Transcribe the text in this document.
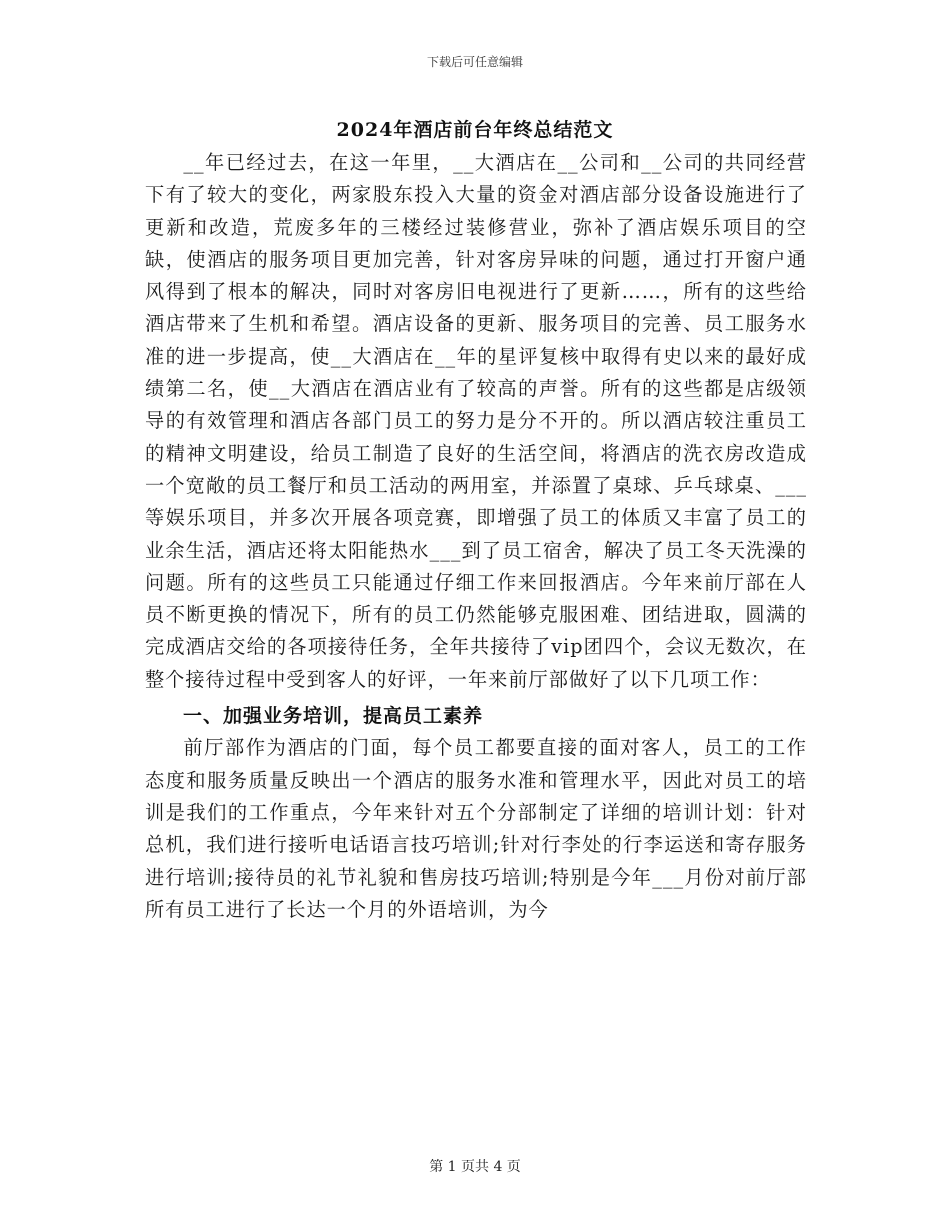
下载后可任意编辑
2024年酒店前台年终总结范文

__年已经过去，在这一年里，__大酒店在__公司和__公司的共同经营下有了较大的变化，两家股东投入大量的资金对酒店部分设备设施进行了更新和改造，荒废多年的三楼经过装修营业，弥补了酒店娱乐项目的空缺，使酒店的服务项目更加完善，针对客房异味的问题，通过打开窗户通风得到了根本的解决，同时对客房旧电视进行了更新……，所有的这些给酒店带来了生机和希望。酒店设备的更新、服务项目的完善、员工服务水准的进一步提高，使__大酒店在__年的星评复核中取得有史以来的最好成绩第二名，使__大酒店在酒店业有了较高的声誉。所有的这些都是店级领导的有效管理和酒店各部门员工的努力是分不开的。所以酒店较注重员工的精神文明建设，给员工制造了良好的生活空间，将酒店的洗衣房改造成一个宽敞的员工餐厅和员工活动的两用室，并添置了桌球、乒乓球桌、___等娱乐项目，并多次开展各项竞赛，即增强了员工的体质又丰富了员工的业余生活，酒店还将太阳能热水___到了员工宿舍，解决了员工冬天洗澡的问题。所有的这些员工只能通过仔细工作来回报酒店。今年来前厅部在人员不断更换的情况下，所有的员工仍然能够克服困难、团结进取，圆满的完成酒店交给的各项接待任务，全年共接待了vip团四个，会议无数次，在整个接待过程中受到客人的好评，一年来前厅部做好了以下几项工作：

一、加强业务培训，提高员工素养

前厅部作为酒店的门面，每个员工都要直接的面对客人，员工的工作态度和服务质量反映出一个酒店的服务水准和管理水平，因此对员工的培训是我们的工作重点，今年来针对五个分部制定了详细的培训计划：针对总机，我们进行接听电话语言技巧培训;针对行李处的行李运送和寄存服务进行培训;接待员的礼节礼貌和售房技巧培训;特别是今年___月份对前厅部所有员工进行了长达一个月的外语培训，为今

第 1 页共 4 页
